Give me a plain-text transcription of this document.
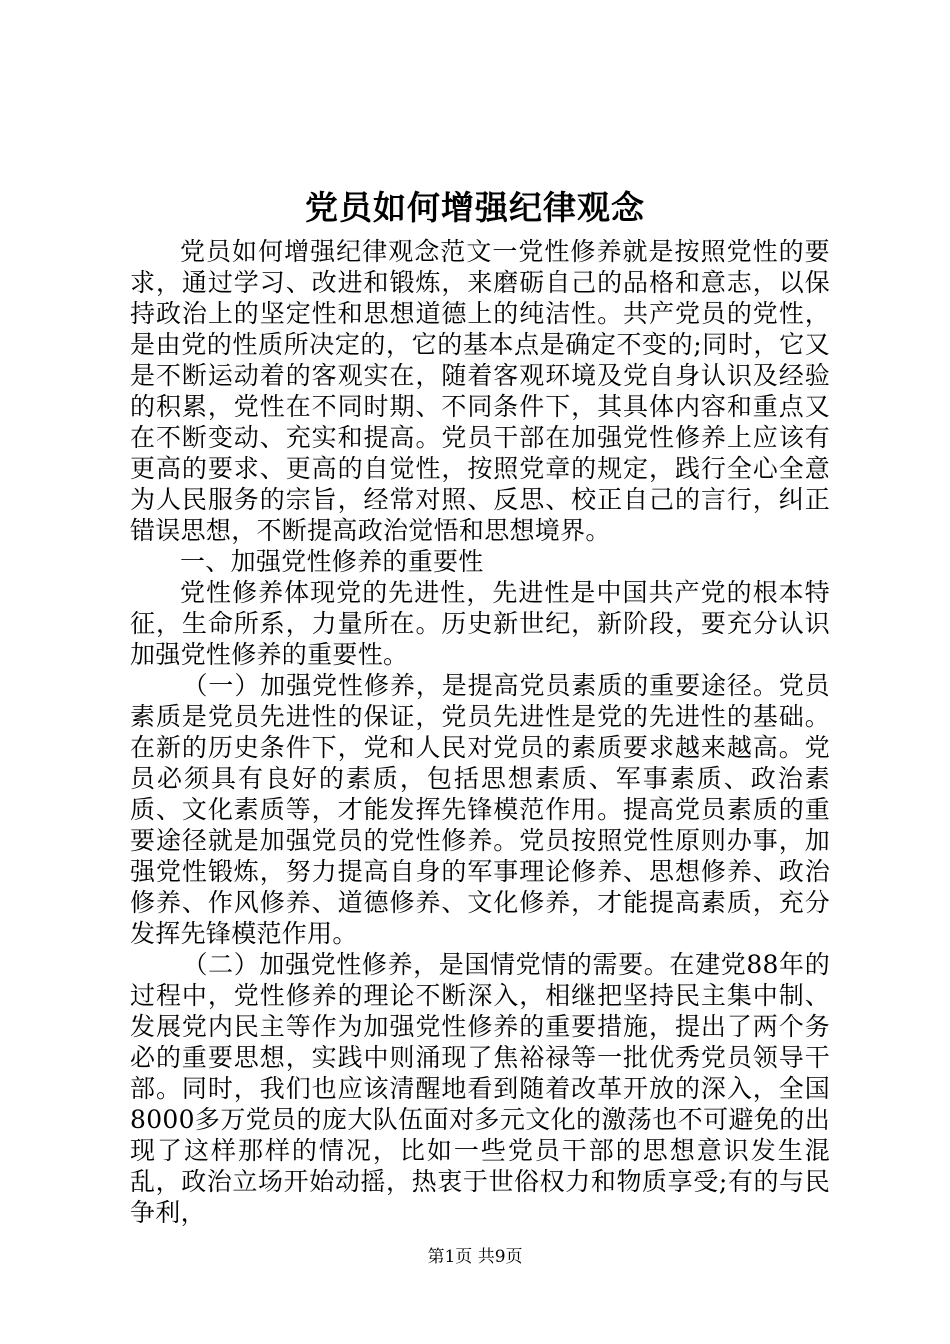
党员如何增强纪律观念

党员如何增强纪律观念范文一党性修养就是按照党性的要求，通过学习、改进和锻炼，来磨砺自己的品格和意志，以保持政治上的坚定性和思想道德上的纯洁性。共产党员的党性，是由党的性质所决定的，它的基本点是确定不变的;同时，它又是不断运动着的客观实在，随着客观环境及党自身认识及经验的积累，党性在不同时期、不同条件下，其具体内容和重点又在不断变动、充实和提高。党员干部在加强党性修养上应该有更高的要求、更高的自觉性，按照党章的规定，践行全心全意为人民服务的宗旨，经常对照、反思、校正自己的言行，纠正错误思想，不断提高政治觉悟和思想境界。

一、加强党性修养的重要性

党性修养体现党的先进性，先进性是中国共产党的根本特征，生命所系，力量所在。历史新世纪，新阶段，要充分认识加强党性修养的重要性。

（一）加强党性修养，是提高党员素质的重要途径。党员素质是党员先进性的保证，党员先进性是党的先进性的基础。在新的历史条件下，党和人民对党员的素质要求越来越高。党员必须具有良好的素质，包括思想素质、军事素质、政治素质、文化素质等，才能发挥先锋模范作用。提高党员素质的重要途径就是加强党员的党性修养。党员按照党性原则办事，加强党性锻炼，努力提高自身的军事理论修养、思想修养、政治修养、作风修养、道德修养、文化修养，才能提高素质，充分发挥先锋模范作用。

（二）加强党性修养，是国情党情的需要。在建党88年的过程中，党性修养的理论不断深入，相继把坚持民主集中制、发展党内民主等作为加强党性修养的重要措施，提出了两个务必的重要思想，实践中则涌现了焦裕禄等一批优秀党员领导干部。同时，我们也应该清醒地看到随着改革开放的深入，全国8000多万党员的庞大队伍面对多元文化的激荡也不可避免的出现了这样那样的情况，比如一些党员干部的思想意识发生混乱，政治立场开始动摇，热衷于世俗权力和物质享受;有的与民争利，

第1页 共9页
